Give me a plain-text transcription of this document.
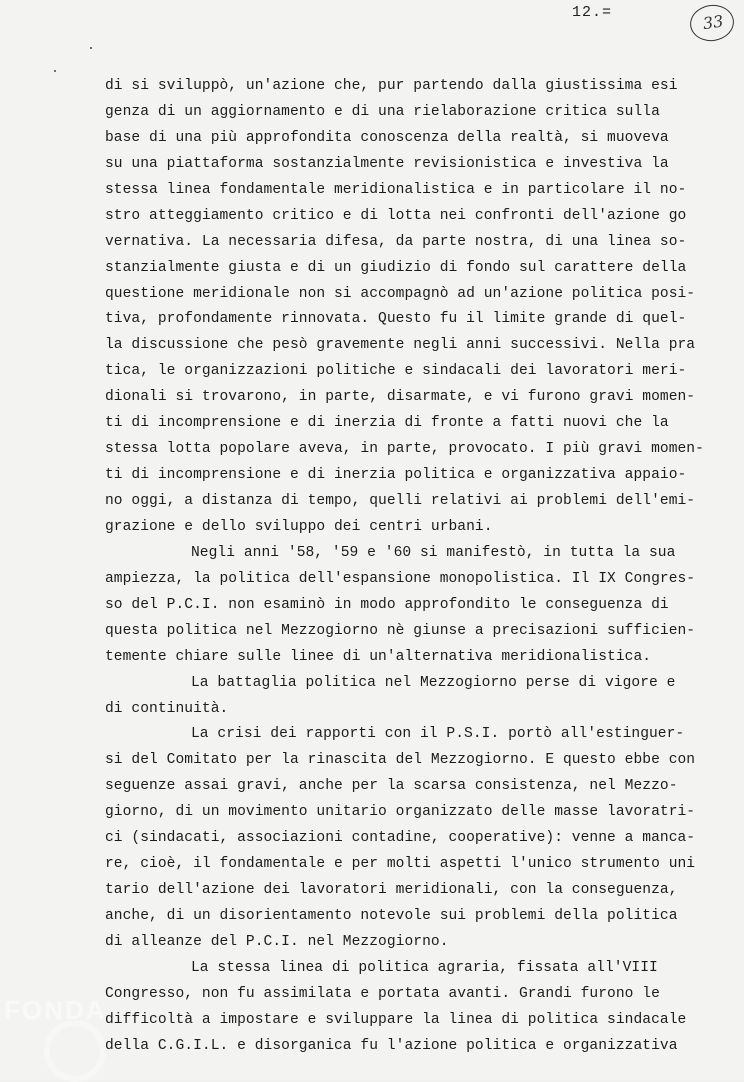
12.=	33
di si sviluppò, un'azione che, pur partendo dalla giustissima esi
genza di un aggiornamento e di una rielaborazione critica sulla
base di una più approfondita conoscenza della realtà, si muoveva
su una piattaforma sostanzialmente revisionistica e investiva la
stessa linea fondamentale meridionalistica e in particolare il no-
stro atteggiamento critico e di lotta nei confronti dell'azione go
vernativa. La necessaria difesa, da parte nostra, di una linea so-
stanzialmente giusta e di un giudizio di fondo sul carattere della
questione meridionale non si accompagnò ad un'azione politica posi-
tiva, profondamente rinnovata. Questo fu il limite grande di quel-
la discussione che pesò gravemente negli anni successivi. Nella pra
tica, le organizzazioni politiche e sindacali dei lavoratori meri-
dionali si trovarono, in parte, disarmate, e vi furono gravi momen-
ti di incomprensione e di inerzia di fronte a fatti nuovi che la
stessa lotta popolare aveva, in parte, provocato. I più gravi momen-
ti di incomprensione e di inerzia politica e organizzativa appaio-
no oggi, a distanza di tempo, quelli relativi ai problemi dell'emi-
grazione e dello sviluppo dei centri urbani.
Negli anni '58, '59 e '60 si manifestò, in tutta la sua
ampiezza, la politica dell'espansione monopolistica. Il IX Congres-
so del P.C.I. non esaminò in modo approfondito le conseguenza di
questa politica nel Mezzogiorno nè giunse a precisazioni sufficien-
temente chiare sulle linee di un'alternativa meridionalistica.
La battaglia politica nel Mezzogiorno perse di vigore e
di continuità.
La crisi dei rapporti con il P.S.I. portò all'estinguer-
si del Comitato per la rinascita del Mezzogiorno. E questo ebbe con
seguenze assai gravi, anche per la scarsa consistenza, nel Mezzo-
giorno, di un movimento unitario organizzato delle masse lavoratri-
ci (sindacati, associazioni contadine, cooperative): venne a manca-
re, cioè, il fondamentale e per molti aspetti l'unico strumento uni
tario dell'azione dei lavoratori meridionali, con la conseguenza,
anche, di un disorientamento notevole sui problemi della politica
di alleanze del P.C.I. nel Mezzogiorno.
La stessa linea di politica agraria, fissata all'VIII
Congresso, non fu assimilata e portata avanti. Grandi furono le
difficoltà a impostare e sviluppare la linea di politica sindacale
della C.G.I.L. e disorganica fu l'azione politica e organizzativa
FONDA
